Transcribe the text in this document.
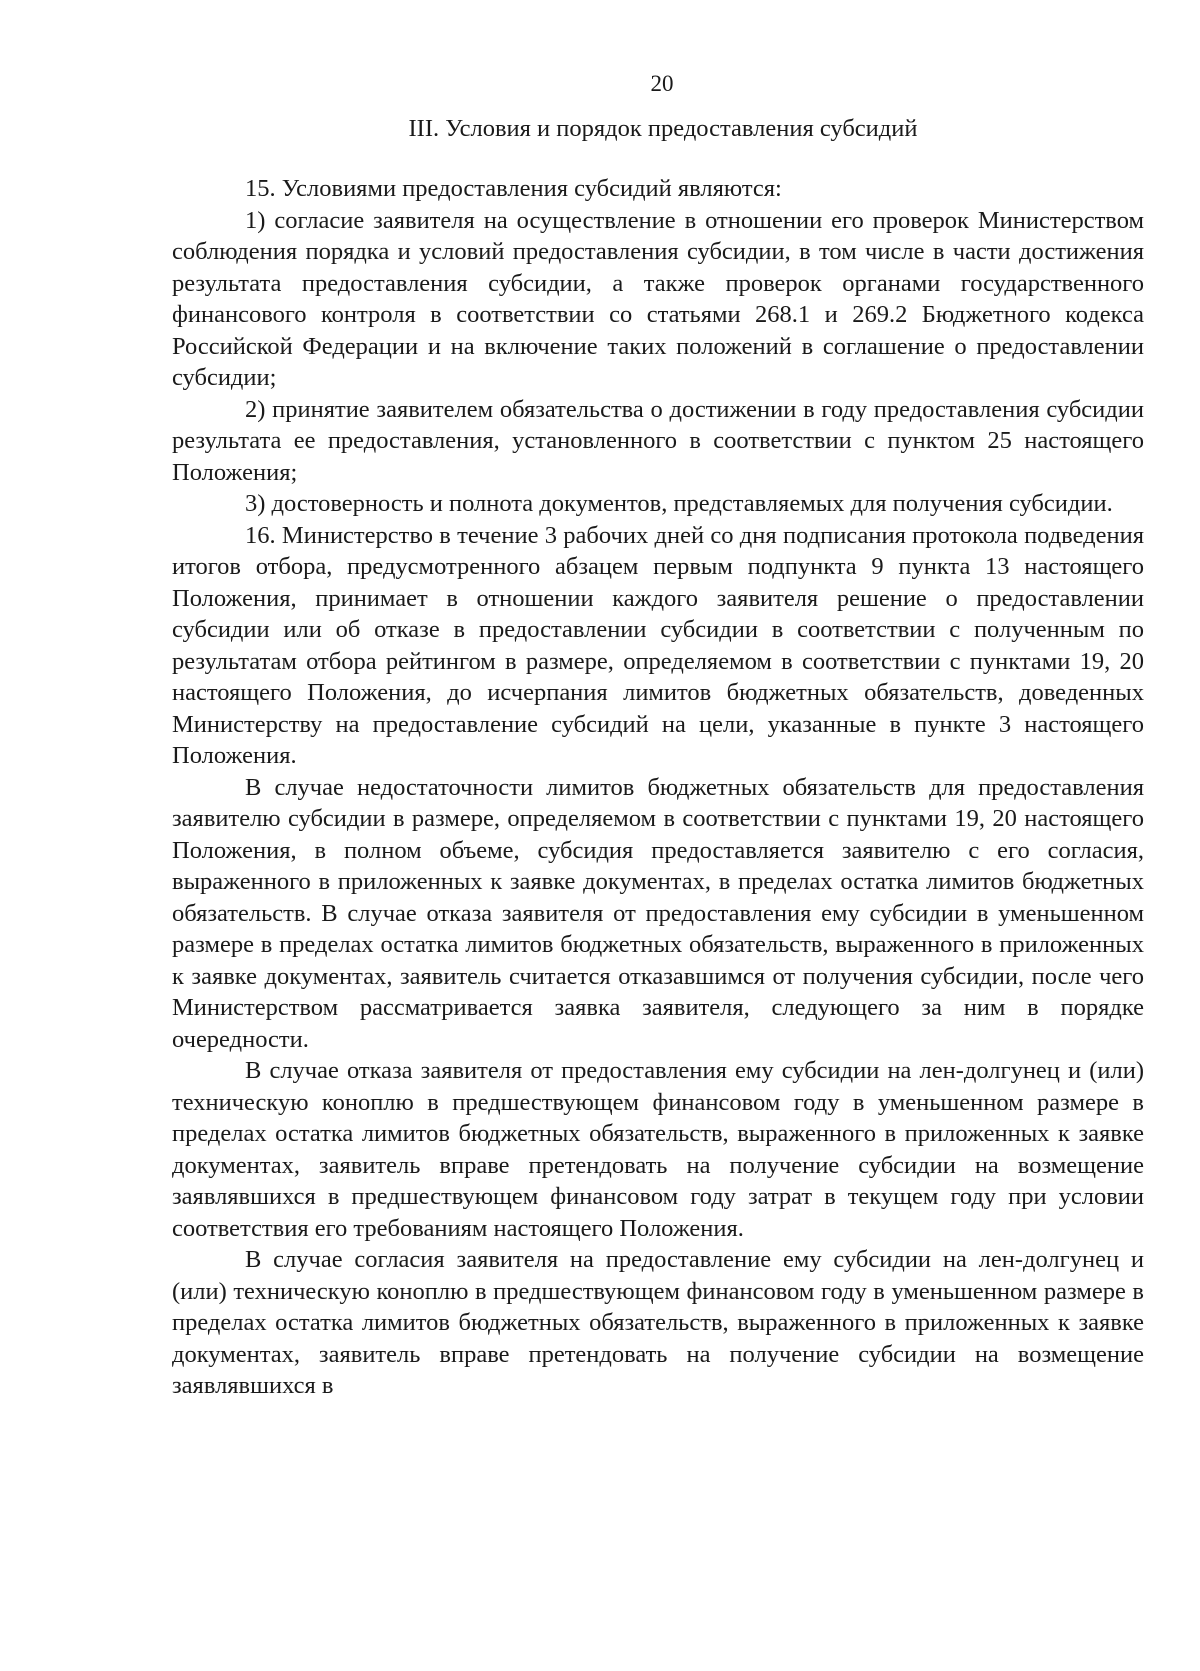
20
III. Условия и порядок предоставления субсидий

15. Условиями предоставления субсидий являются:

1) согласие заявителя на осуществление в отношении его проверок Министерством соблюдения порядка и условий предоставления субсидии, в том числе в части достижения результата предоставления субсидии, а также проверок органами государственного финансового контроля в соответствии со статьями 268.1 и 269.2 Бюджетного кодекса Российской Федерации и на включение таких положений в соглашение о предоставлении субсидии;

2) принятие заявителем обязательства о достижении в году предоставления субсидии результата ее предоставления, установленного в соответствии с пунктом 25 настоящего Положения;

3) достоверность и полнота документов, представляемых для получения субсидии.

16. Министерство в течение 3 рабочих дней со дня подписания протокола подведения итогов отбора, предусмотренного абзацем первым подпункта 9 пункта 13 настоящего Положения, принимает в отношении каждого заявителя решение о предоставлении субсидии или об отказе в предоставлении субсидии в соответствии с полученным по результатам отбора рейтингом в размере, определяемом в соответствии с пунктами 19, 20 настоящего Положения, до исчерпания лимитов бюджетных обязательств, доведенных Министерству на предоставление субсидий на цели, указанные в пункте 3 настоящего Положения.

В случае недостаточности лимитов бюджетных обязательств для предоставления заявителю субсидии в размере, определяемом в соответствии с пунктами 19, 20 настоящего Положения, в полном объеме, субсидия предоставляется заявителю с его согласия, выраженного в приложенных к заявке документах, в пределах остатка лимитов бюджетных обязательств. В случае отказа заявителя от предоставления ему субсидии в уменьшенном размере в пределах остатка лимитов бюджетных обязательств, выраженного в приложенных к заявке документах, заявитель считается отказавшимся от получения субсидии, после чего Министерством рассматривается заявка заявителя, следующего за ним в порядке очередности.

В случае отказа заявителя от предоставления ему субсидии на лен-долгунец и (или) техническую коноплю в предшествующем финансовом году в уменьшенном размере в пределах остатка лимитов бюджетных обязательств, выраженного в приложенных к заявке документах, заявитель вправе претендовать на получение субсидии на возмещение заявлявшихся в предшествующем финансовом году затрат в текущем году при условии соответствия его требованиям настоящего Положения.

В случае согласия заявителя на предоставление ему субсидии на лен-долгунец и (или) техническую коноплю в предшествующем финансовом году в уменьшенном размере в пределах остатка лимитов бюджетных обязательств, выраженного в приложенных к заявке документах, заявитель вправе претендовать на получение субсидии на возмещение заявлявшихся в
